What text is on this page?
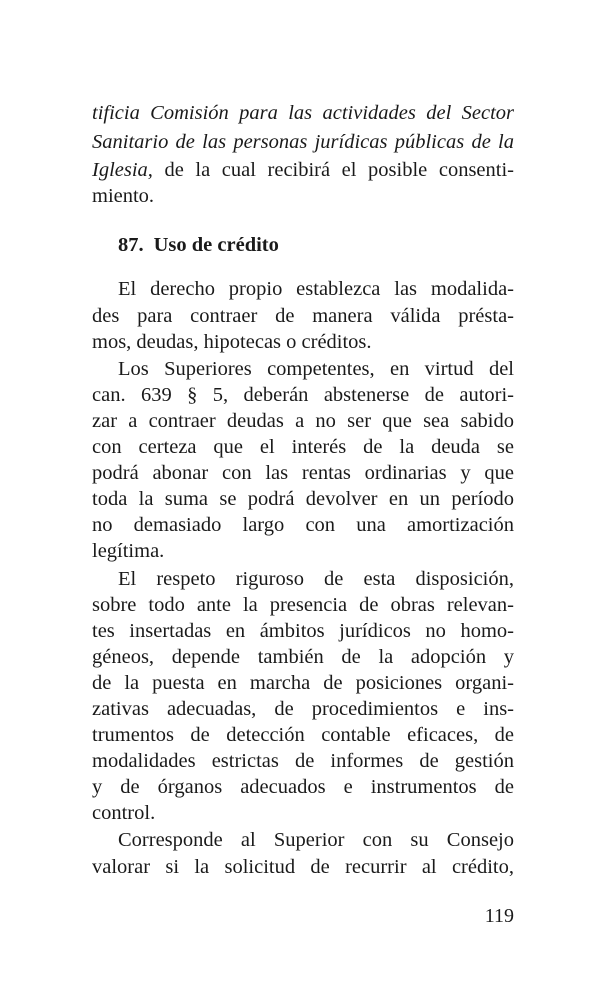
tificia Comisión para las actividades del Sector
Sanitario de las personas jurídicas públicas de la
Iglesia, de la cual recibirá el posible consenti-
miento.
87. Uso de crédito
El derecho propio establezca las modalida-
des para contraer de manera válida présta-
mos, deudas, hipotecas o créditos.
Los Superiores competentes, en virtud del
can. 639 § 5, deberán abstenerse de autori-
zar a contraer deudas a no ser que sea sabido
con certeza que el interés de la deuda se
podrá abonar con las rentas ordinarias y que
toda la suma se podrá devolver en un período
no demasiado largo con una amortización
legítima.
El respeto riguroso de esta disposición,
sobre todo ante la presencia de obras relevan-
tes insertadas en ámbitos jurídicos no homo-
géneos, depende también de la adopción y
de la puesta en marcha de posiciones organi-
zativas adecuadas, de procedimientos e ins-
trumentos de detección contable eficaces, de
modalidades estrictas de informes de gestión
y de órganos adecuados e instrumentos de
control.
Corresponde al Superior con su Consejo
valorar si la solicitud de recurrir al crédito,
119
